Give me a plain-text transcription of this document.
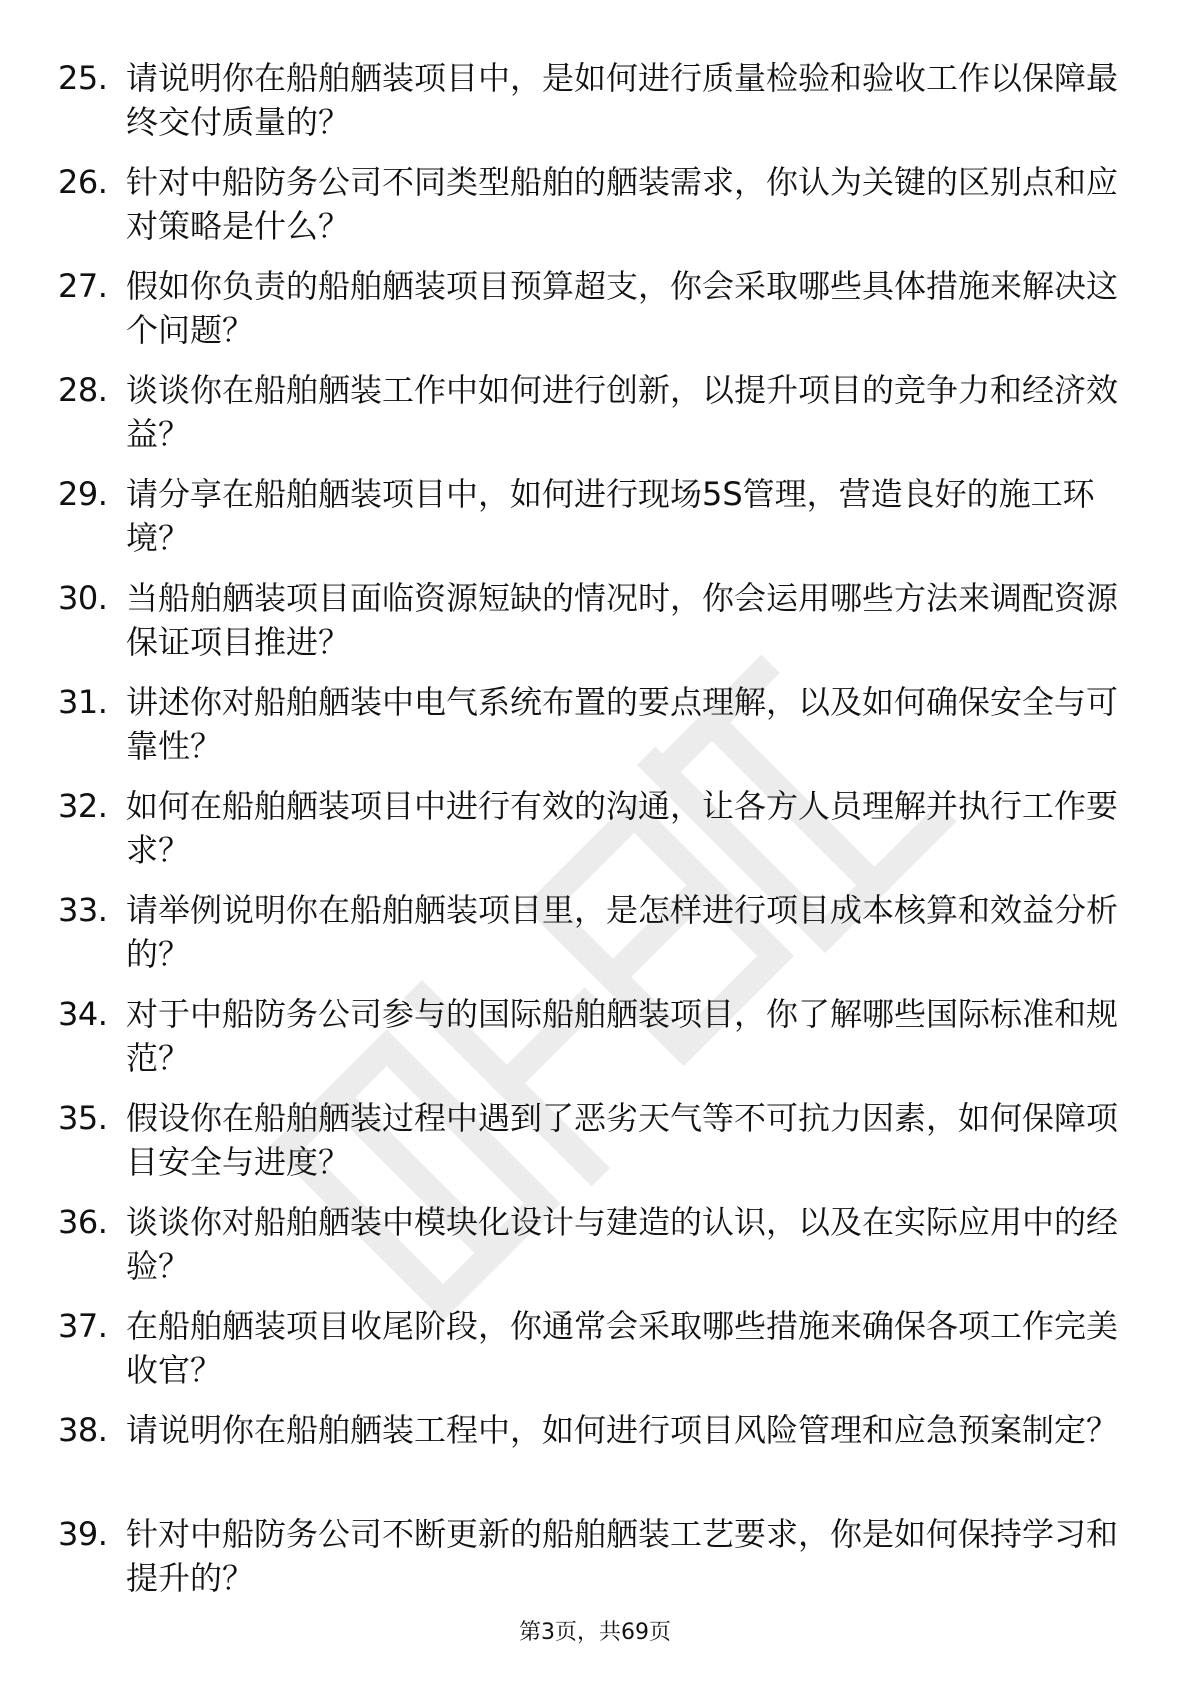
25. 请说明你在船舶舾装项目中，是如何进行质量检验和验收工作以保障最终交付质量的？

26. 针对中船防务公司不同类型船舶的舾装需求，你认为关键的区别点和应对策略是什么？

27. 假如你负责的船舶舾装项目预算超支，你会采取哪些具体措施来解决这个问题？

28. 谈谈你在船舶舾装工作中如何进行创新，以提升项目的竞争力和经济效益？

29. 请分享在船舶舾装项目中，如何进行现场5S管理，营造良好的施工环境？

30. 当船舶舾装项目面临资源短缺的情况时，你会运用哪些方法来调配资源保证项目推进？

31. 讲述你对船舶舾装中电气系统布置的要点理解，以及如何确保安全与可靠性？

32. 如何在船舶舾装项目中进行有效的沟通，让各方人员理解并执行工作要求？

33. 请举例说明你在船舶舾装项目里，是怎样进行项目成本核算和效益分析的？

34. 对于中船防务公司参与的国际船舶舾装项目，你了解哪些国际标准和规范？

35. 假设你在船舶舾装过程中遇到了恶劣天气等不可抗力因素，如何保障项目安全与进度？

36. 谈谈你对船舶舾装中模块化设计与建造的认识，以及在实际应用中的经验？

37. 在船舶舾装项目收尾阶段，你通常会采取哪些措施来确保各项工作完美收官？

38. 请说明你在船舶舾装工程中，如何进行项目风险管理和应急预案制定？

39. 针对中船防务公司不断更新的船舶舾装工艺要求，你是如何保持学习和提升的？

第3页，共69页
